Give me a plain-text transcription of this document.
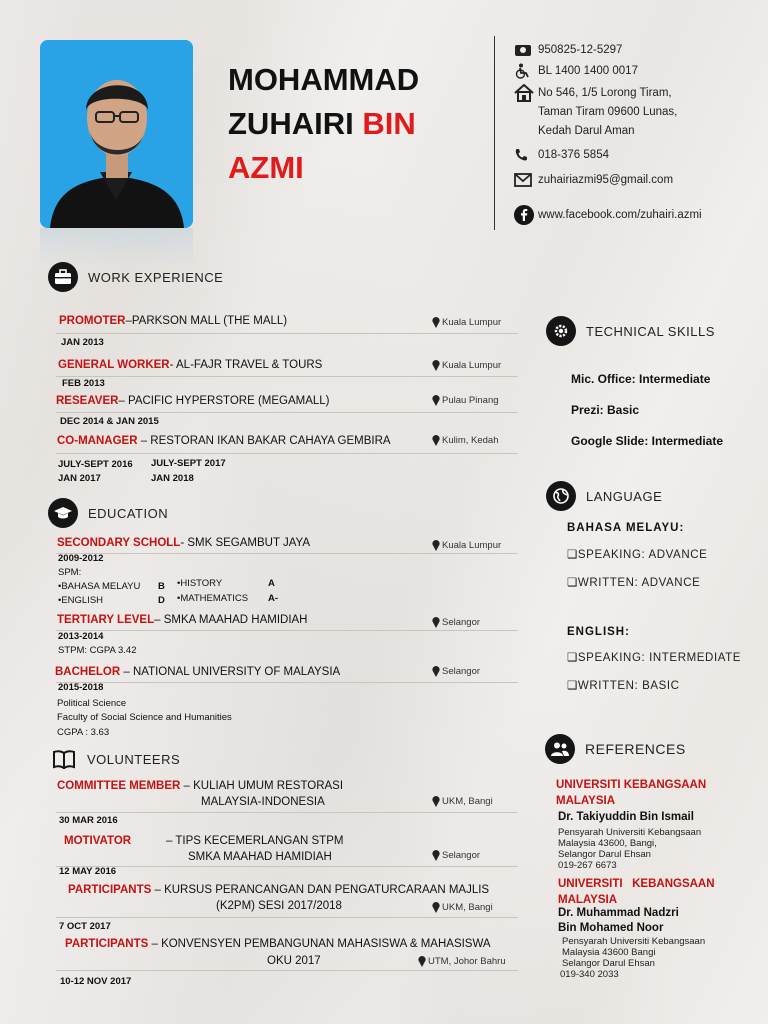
MOHAMMAD
ZUHAIRI BIN
AZMI
950825-12-5297
BL 1400 1400 0017
No 546, 1/5 Lorong Tiram,
Taman Tiram 09600 Lunas,
Kedah Darul Aman
018-376 5854
zuhairiazmi95@gmail.com
www.facebook.com/zuhairi.azmi
WORK EXPERIENCE
PROMOTER–PARKSON MALL (THE MALL)	Kuala Lumpur
JAN 2013
GENERAL WORKER- AL-FAJR TRAVEL & TOURS	Kuala Lumpur
FEB 2013
RESEAVER– PACIFIC HYPERSTORE (MEGAMALL)	Pulau Pinang
DEC 2014 & JAN 2015
CO-MANAGER – RESTORAN IKAN BAKAR CAHAYA GEMBIRA	Kulim, Kedah
JULY-SEPT 2016 JULY-SEPT 2017
JAN 2017	JAN 2018
EDUCATION
SECONDARY SCHOLL- SMK SEGAMBUT JAYA	Kuala Lumpur
2009-2012
SPM:
•BAHASA MELAYU B
•ENGLISH	D
•HISTORY	A
•MATHEMATICS A-
TERTIARY LEVEL– SMKA MAAHAD HAMIDIAH	Selangor
2013-2014
STPM: CGPA 3.42
BACHELOR – NATIONAL UNIVERSITY OF MALAYSIA	Selangor
2015-2018
Political Science
Faculty of Social Science and Humanities
CGPA : 3.63
VOLUNTEERS
COMMITTEE MEMBER – KULIAH UMUM RESTORASI
MALAYSIA-INDONESIA	UKM, Bangi
30 MAR 2016
MOTIVATOR	– TIPS KECEMERLANGAN STPM
SMKA MAAHAD HAMIDIAH	Selangor
12 MAY 2016
PARTICIPANTS – KURSUS PERANCANGAN DAN PENGATURCARAAN MAJLIS
(K2PM) SESI 2017/2018	UKM, Bangi
7 OCT 2017
PARTICIPANTS – KONVENSYEN PEMBANGUNAN MAHASISWA & MAHASISWA
OKU 2017	UTM, Johor Bahru
10-12 NOV 2017
TECHNICAL SKILLS
Mic. Office: Intermediate
Prezi: Basic
Google Slide: Intermediate
LANGUAGE
BAHASA MELAYU:
❑SPEAKING: ADVANCE
❑WRITTEN: ADVANCE
ENGLISH:
❑SPEAKING: INTERMEDIATE
❑WRITTEN: BASIC
REFERENCES
UNIVERSITI KEBANGSAAN
MALAYSIA
Dr. Takiyuddin Bin Ismail
Pensyarah Universiti Kebangsaan
Malaysia 43600, Bangi,
Selangor Darul Ehsan
019-267 6673
UNIVERSITI   KEBANGSAAN
MALAYSIA
Dr. Muhammad Nadzri
Bin Mohamed Noor
Pensyarah Universiti Kebangsaan
Malaysia 43600 Bangi
Selangor Darul Ehsan
019-340 2033
